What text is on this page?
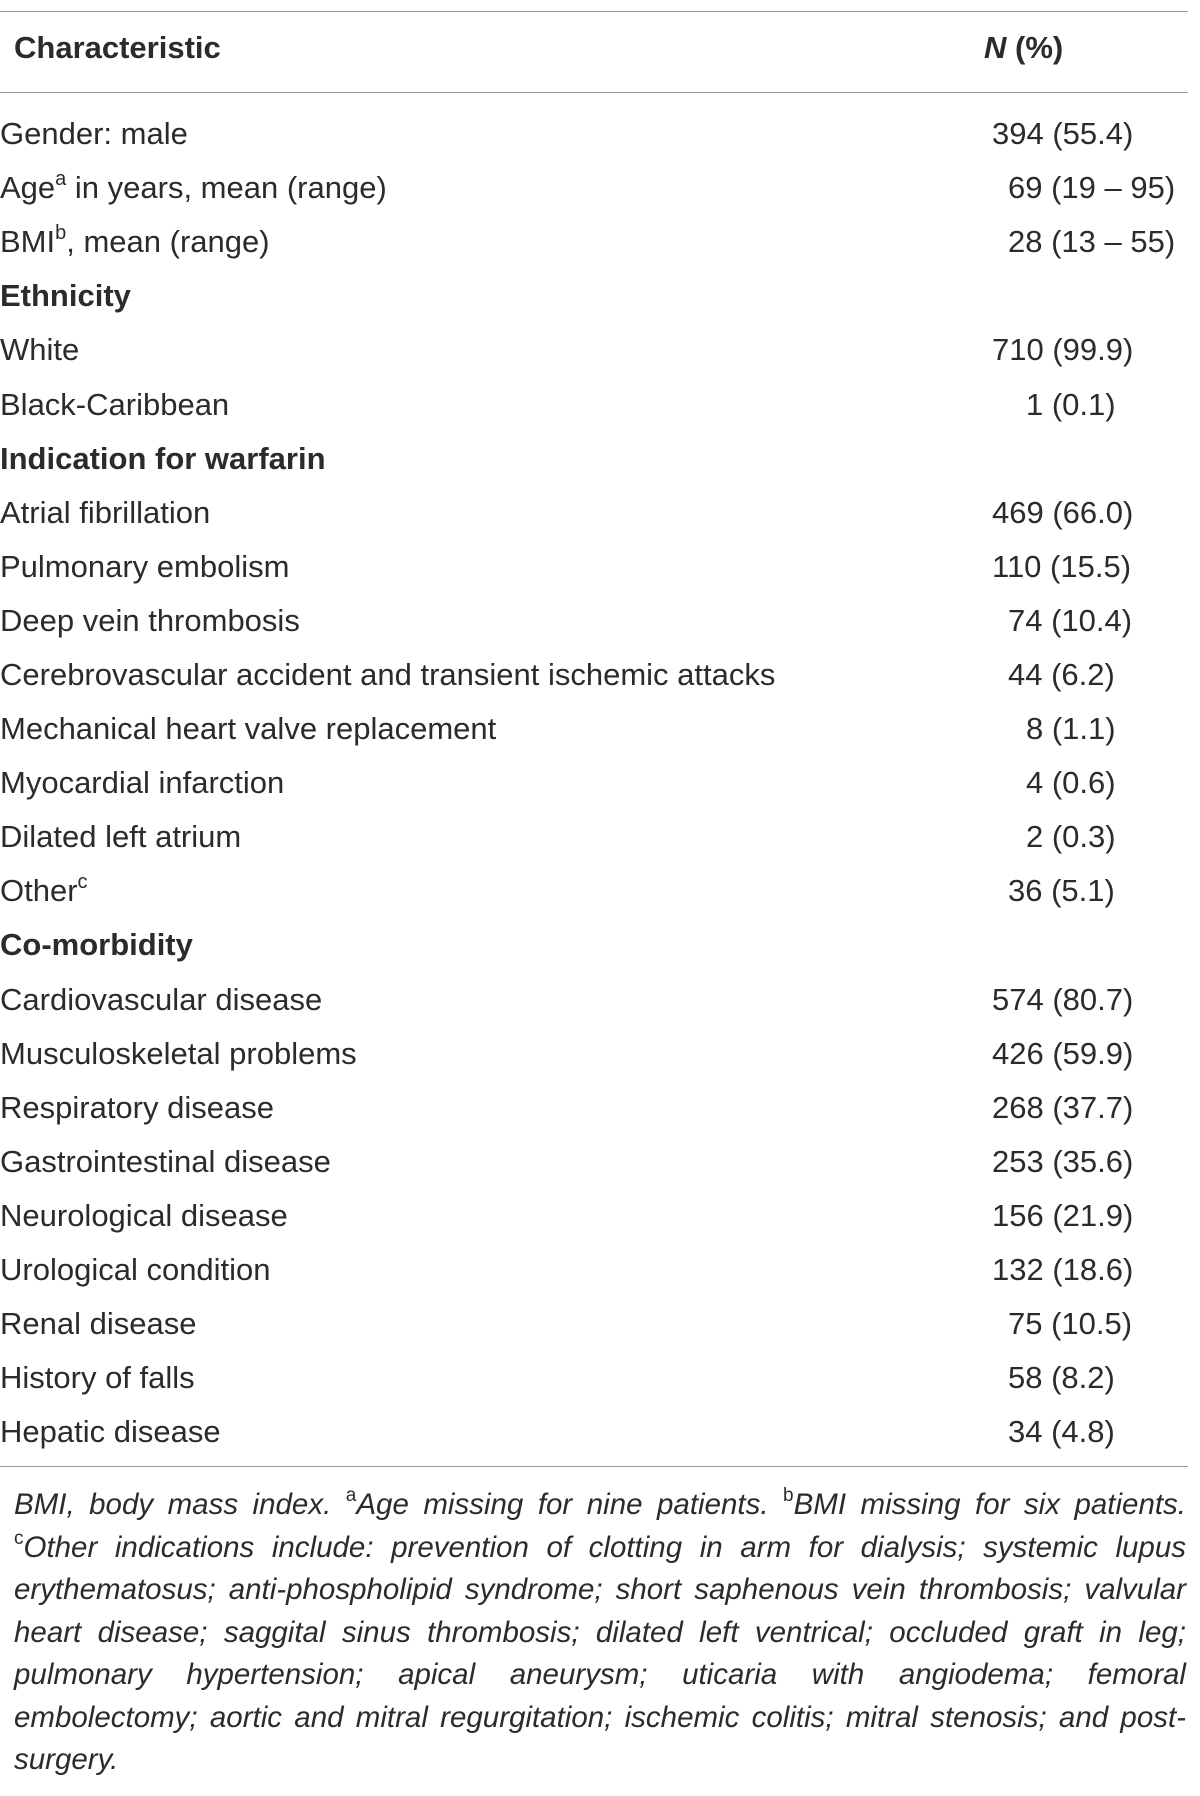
Characteristic	N (%)
Gender: male	394 (55.4)
Age$^a$ in years, mean (range)	69 (19 – 95)
BMI$^b$, mean (range)	28 (13 – 55)
Ethnicity	
White	710 (99.9)
Black-Caribbean	1 (0.1)
Indication for warfarin	
Atrial fibrillation	469 (66.0)
Pulmonary embolism	110 (15.5)
Deep vein thrombosis	74 (10.4)
Cerebrovascular accident and transient ischemic attacks	44 (6.2)
Mechanical heart valve replacement	8 (1.1)
Myocardial infarction	4 (0.6)
Dilated left atrium	2 (0.3)
Other$^c$	36 (5.1)
Co-morbidity	
Cardiovascular disease	574 (80.7)
Musculoskeletal problems	426 (59.9)
Respiratory disease	268 (37.7)
Gastrointestinal disease	253 (35.6)
Neurological disease	156 (21.9)
Urological condition	132 (18.6)
Renal disease	75 (10.5)
History of falls	58 (8.2)
Hepatic disease	34 (4.8)
BMI, body mass index. $^a$Age missing for nine patients. $^b$BMI missing for six patients. $^c$Other indications include: prevention of clotting in arm for dialysis; systemic lupus erythematosus; anti-phospholipid syndrome; short saphenous vein thrombosis; valvular heart disease; saggital sinus thrombosis; dilated left ventrical; occluded graft in leg; pulmonary hypertension; apical aneurysm; uticaria with angiodema; femoral embolectomy; aortic and mitral regurgitation; ischemic colitis; mitral stenosis; and post-surgery.
